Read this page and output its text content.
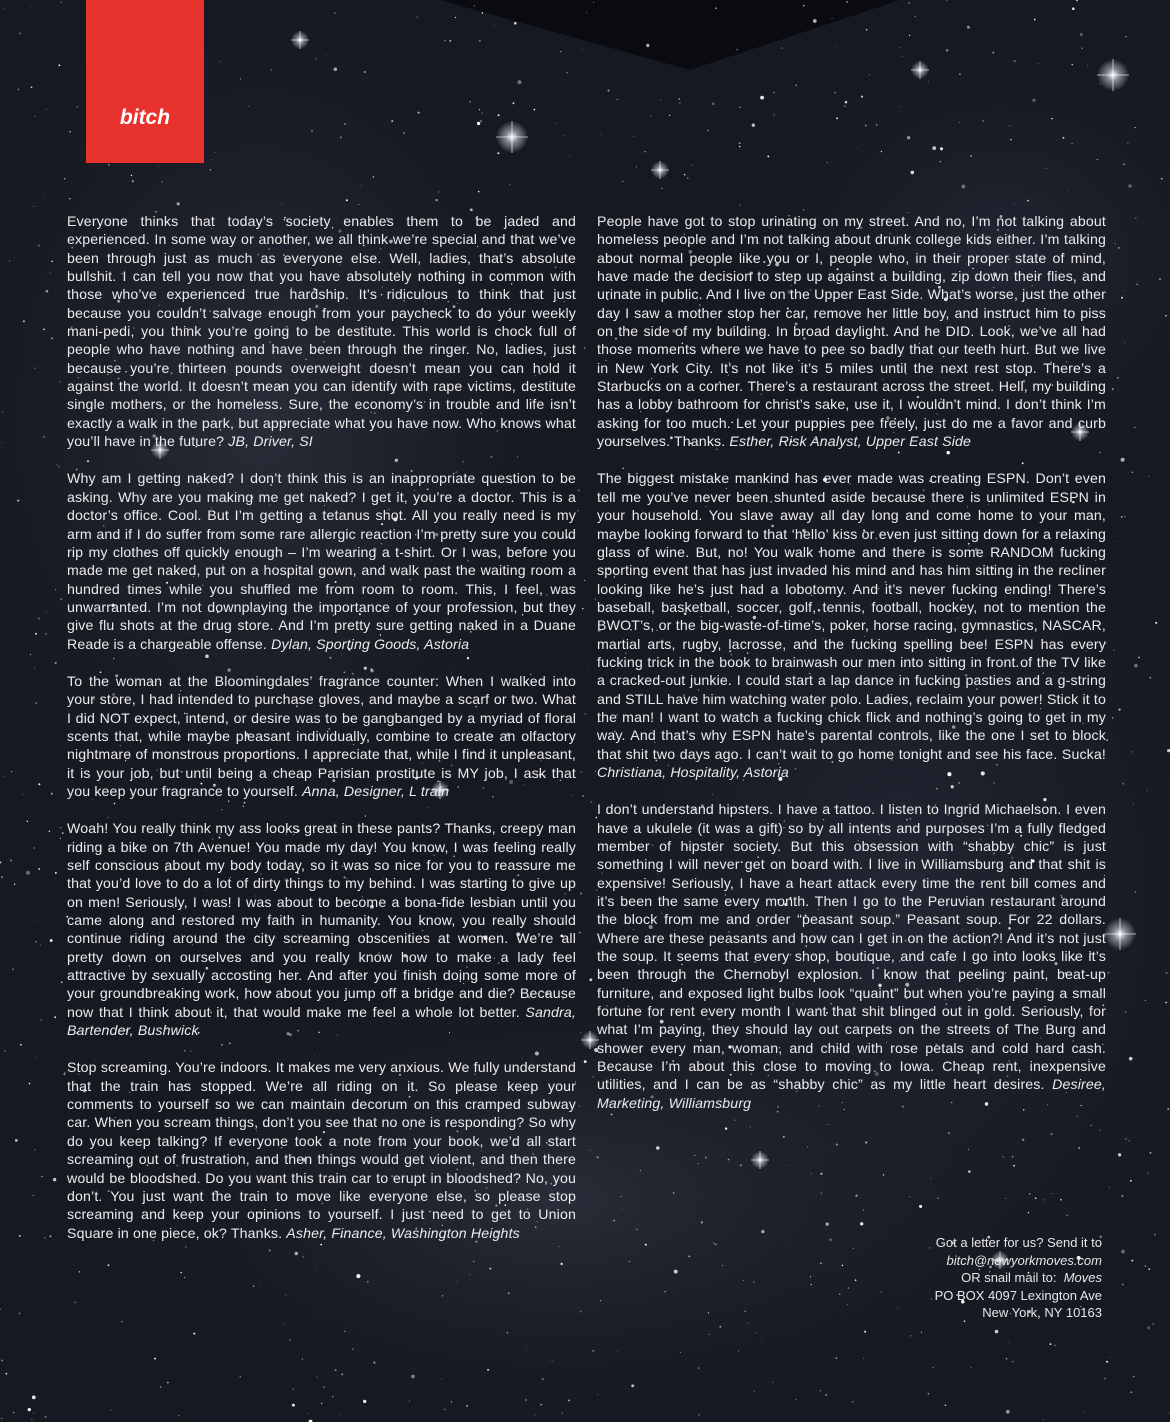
bitch

Everyone thinks that today’s society enables them to be jaded and experienced. In some way or another, we all think we’re special and that we’ve been through just as much as everyone else. Well, ladies, that’s absolute bullshit. I can tell you now that you have absolutely nothing in common with those who’ve experienced true hardship. It’s ridiculous to think that just because you couldn’t salvage enough from your paycheck to do your weekly mani-pedi, you think you’re going to be destitute. This world is chock full of people who have nothing and have been through the ringer. No, ladies, just because you’re thirteen pounds overweight doesn’t mean you can hold it against the world. It doesn’t mean you can identify with rape victims, destitute single mothers, or the homeless. Sure, the economy’s in trouble and life isn’t exactly a walk in the park, but appreciate what you have now. Who knows what you’ll have in the future? JB, Driver, SI

Why am I getting naked? I don’t think this is an inappropriate question to be asking. Why are you making me get naked? I get it, you’re a doctor. This is a doctor’s office. Cool. But I’m getting a tetanus shot. All you really need is my arm and if I do suffer from some rare allergic reaction I’m pretty sure you could rip my clothes off quickly enough – I’m wearing a t-shirt. Or I was, before you made me get naked, put on a hospital gown, and walk past the waiting room a hundred times while you shuffled me from room to room. This, I feel, was unwarranted. I’m not downplaying the importance of your profession, but they give flu shots at the drug store. And I’m pretty sure getting naked in a Duane Reade is a chargeable offense. Dylan, Sporting Goods, Astoria

To the woman at the Bloomingdales’ fragrance counter: When I walked into your store, I had intended to purchase gloves, and maybe a scarf or two. What I did NOT expect, intend, or desire was to be gangbanged by a myriad of floral scents that, while maybe pleasant individually, combine to create an olfactory nightmare of monstrous proportions. I appreciate that, while I find it unpleasant, it is your job, but until being a cheap Parisian prostitute is MY job, I ask that you keep your fragrance to yourself. Anna, Designer, L train

Woah! You really think my ass looks great in these pants? Thanks, creepy man riding a bike on 7th Avenue! You made my day! You know, I was feeling really self conscious about my body today, so it was so nice for you to reassure me that you’d love to do a lot of dirty things to my behind. I was starting to give up on men! Seriously, I was! I was about to become a bona-fide lesbian until you came along and restored my faith in humanity. You know, you really should continue riding around the city screaming obscenities at women. We’re all pretty down on ourselves and you really know how to make a lady feel attractive by sexually accosting her. And after you finish doing some more of your groundbreaking work, how about you jump off a bridge and die? Because now that I think about it, that would make me feel a whole lot better. Sandra, Bartender, Bushwick

Stop screaming. You’re indoors. It makes me very anxious. We fully understand that the train has stopped. We’re all riding on it. So please keep your comments to yourself so we can maintain decorum on this cramped subway car. When you scream things, don’t you see that no one is responding? So why do you keep talking? If everyone took a note from your book, we’d all start screaming out of frustration, and then things would get violent, and then there would be bloodshed. Do you want this train car to erupt in bloodshed? No, you don’t. You just want the train to move like everyone else, so please stop screaming and keep your opinions to yourself. I just need to get to Union Square in one piece, ok? Thanks. Asher, Finance, Washington Heights

People have got to stop urinating on my street. And no, I’m not talking about homeless people and I’m not talking about drunk college kids either. I’m talking about normal people like you or I, people who, in their proper state of mind, have made the decision to step up against a building, zip down their flies, and urinate in public. And I live on the Upper East Side. What’s worse, just the other day I saw a mother stop her car, remove her little boy, and instruct him to piss on the side of my building. In broad daylight. And he DID. Look, we’ve all had those moments where we have to pee so badly that our teeth hurt. But we live in New York City. It’s not like it’s 5 miles until the next rest stop. There’s a Starbucks on a corner. There’s a restaurant across the street. Hell, my building has a lobby bathroom for christ’s sake, use it, I wouldn’t mind. I don’t think I’m asking for too much. Let your puppies pee freely, just do me a favor and curb yourselves. Thanks. Esther, Risk Analyst, Upper East Side

The biggest mistake mankind has ever made was creating ESPN. Don’t even tell me you’ve never been shunted aside because there is unlimited ESPN in your household. You slave away all day long and come home to your man, maybe looking forward to that ‘hello’ kiss or even just sitting down for a relaxing glass of wine. But, no! You walk home and there is some RANDOM fucking sporting event that has just invaded his mind and has him sitting in the recliner looking like he’s just had a lobotomy. And it’s never fucking ending! There’s baseball, basketball, soccer, golf, tennis, football, hockey, not to mention the BWOT’s, or the big-waste-of-time’s, poker, horse racing, gymnastics, NASCAR, martial arts, rugby, lacrosse, and the fucking spelling bee! ESPN has every fucking trick in the book to brainwash our men into sitting in front of the TV like a cracked-out junkie. I could start a lap dance in fucking pasties and a g-string and STILL have him watching water polo. Ladies, reclaim your power! Stick it to the man! I want to watch a fucking chick flick and nothing’s going to get in my way. And that’s why ESPN hate’s parental controls, like the one I set to block that shit two days ago. I can’t wait to go home tonight and see his face. Sucka! Christiana, Hospitality, Astoria

I don’t understand hipsters. I have a tattoo. I listen to Ingrid Michaelson. I even have a ukulele (it was a gift) so by all intents and purposes I’m a fully fledged member of hipster society. But this obsession with “shabby chic” is just something I will never get on board with. I live in Williamsburg and that shit is expensive! Seriously, I have a heart attack every time the rent bill comes and it’s been the same every month. Then I go to the Peruvian restaurant around the block from me and order “peasant soup.” Peasant soup. For 22 dollars. Where are these peasants and how can I get in on the action?! And it’s not just the soup. It seems that every shop, boutique, and cafe I go into looks like it’s been through the Chernobyl explosion. I know that peeling paint, beat-up furniture, and exposed light bulbs look “quaint” but when you’re paying a small fortune for rent every month I want that shit blinged out in gold. Seriously, for what I’m paying, they should lay out carpets on the streets of The Burg and shower every man, woman, and child with rose petals and cold hard cash. Because I’m about this close to moving to Iowa. Cheap rent, inexpensive utilities, and I can be as “shabby chic” as my little heart desires. Desiree, Marketing, Williamsburg

Got a letter for us? Send it to
bitch@newyorkmoves.com
OR snail mail to: Moves
PO BOX 4097 Lexington Ave
New York, NY 10163
